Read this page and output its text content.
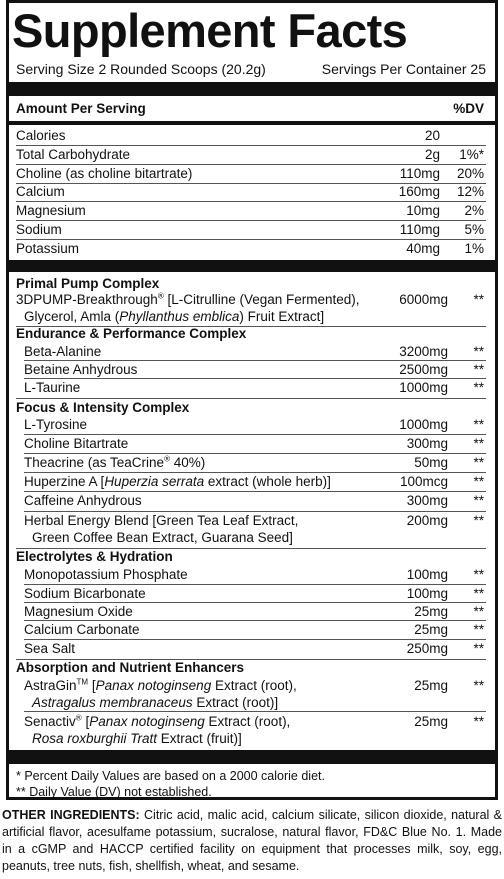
Supplement Facts
Serving Size 2 Rounded Scoops (20.2g)	Servings Per Container 25
Amount Per Serving	%DV
Calories	20
Total Carbohydrate	2g 1%*
Choline (as choline bitartrate)	110mg 20%
Calcium	160mg 12%
Magnesium	10mg 2%
Sodium	110mg 5%
Potassium	40mg 1%
Primal Pump Complex
3DPUMP-Breakthrough® [L-Citrulline (Vegan Fermented),
Glycerol, Amla (Phyllanthus emblica) Fruit Extract]
6000mg **
Endurance & Performance Complex
Beta-Alanine	3200mg **
Betaine Anhydrous	2500mg **
L-Taurine	1000mg **
Focus & Intensity Complex
L-Tyrosine	1000mg **
Choline Bitartrate	300mg **
Theacrine (as TeaCrine® 40%)	50mg **
Huperzine A [Huperzia serrata extract (whole herb)]	100mcg **
Caffeine Anhydrous	300mg **
Herbal Energy Blend [Green Tea Leaf Extract,
Green Coffee Bean Extract, Guarana Seed]
200mg **
Electrolytes & Hydration
Monopotassium Phosphate	100mg **
Sodium Bicarbonate	100mg **
Magnesium Oxide	25mg **
Calcium Carbonate	25mg **
Sea Salt	250mg **
Absorption and Nutrient Enhancers
AstraGin™ [Panax notoginseng Extract (root),
Astragalus membranaceus Extract (root)]
25mg **
Senactiv® [Panax notoginseng Extract (root),
Rosa roxburghii Tratt Extract (fruit)]
25mg **
* Percent Daily Values are based on a 2000 calorie diet.
** Daily Value (DV) not established.
OTHER INGREDIENTS: Citric acid, malic acid, calcium silicate, silicon dioxide, natural & artificial flavor, acesulfame potassium, sucralose, natural flavor, FD&C Blue No. 1. Made in a cGMP and HACCP certified facility on equipment that processes milk, soy, egg, peanuts, tree nuts, fish, shellfish, wheat, and sesame.
